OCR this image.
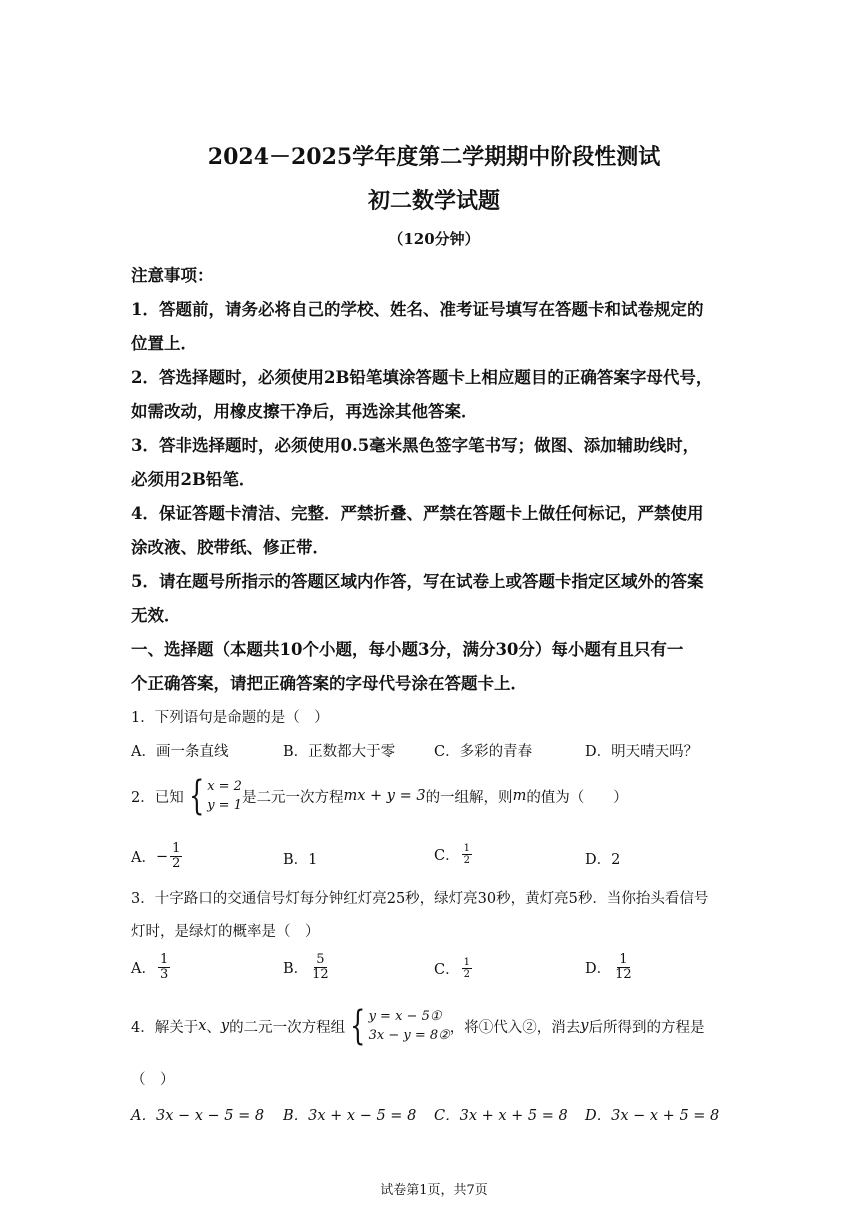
2024－2025学年度第二学期期中阶段性测试
初二数学试题
（120分钟）
注意事项：
1．答题前，请务必将自己的学校、姓名、准考证号填写在答题卡和试卷规定的
位置上．
2．答选择题时，必须使用2B铅笔填涂答题卡上相应题目的正确答案字母代号，
如需改动，用橡皮擦干净后，再选涂其他答案．
3．答非选择题时，必须使用0.5毫米黑色签字笔书写；做图、添加辅助线时，
必须用2B铅笔．
4．保证答题卡清洁、完整．严禁折叠、严禁在答题卡上做任何标记，严禁使用
涂改液、胶带纸、修正带．
5．请在题号所指示的答题区域内作答，写在试卷上或答题卡指定区域外的答案
无效．
一、选择题（本题共10个小题，每小题3分，满分30分）每小题有且只有一
个正确答案，请把正确答案的字母代号涂在答题卡上．
1．下列语句是命题的是（　）
A．画一条直线	B．正数都大于零	C．多彩的青春	D．明天晴天吗？
2．已知 { x = 2
y = 1 是二元一次方程 mx + y = 3 的一组解，则 m 的值为（　　）
A． − $\frac{1}{2}$	B．1	C． $\frac{1}{2}$	D．2
3．十字路口的交通信号灯每分钟红灯亮25秒，绿灯亮30秒，黄灯亮5秒．当你抬头看信号
灯时，是绿灯的概率是（　）
A． $\frac{1}{3}$	B． $\frac{5}{12}$	C． $\frac{1}{2}$	D． $\frac{1}{12}$
4．解关于 x 、 y 的二元一次方程组 { y = x − 5①
3x − y = 8② ，将①代入②，消去 y 后所得到的方程是
（　）
A．3x − x − 5 = 8 B．3x + x − 5 = 8 C．3x + x + 5 = 8 D．3x − x + 5 = 8
试卷第1页，共7页
